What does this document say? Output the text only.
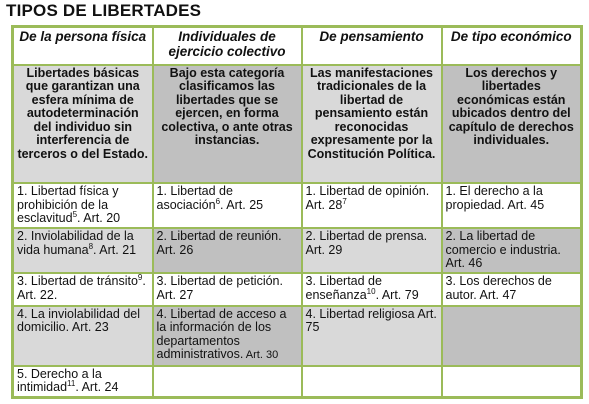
TIPOS DE LIBERTADES
De la persona física	Individuales de ejercicio colectivo	De pensamiento	De tipo económico
Libertades básicas que garantizan una esfera mínima de autodeterminación del individuo sin interferencia de terceros o del Estado.	Bajo esta categoría clasificamos las libertades que se ejercen, en forma colectiva, o ante otras instancias.	Las manifestaciones tradicionales de la libertad de pensamiento están reconocidas expresamente por la Constitución Política.	Los derechos y libertades económicas están ubicados dentro del capítulo de derechos individuales.
1. Libertad física y prohibición de la esclavitud$^5$. Art. 20	1. Libertad de asociación$^6$. Art. 25	1. Libertad de opinión. Art. $28^7$	1. El derecho a la propiedad. Art. 45
2. Inviolabilidad de la vida humana$^8$. Art. 21	2. Libertad de reunión. Art. 26	2. Libertad de prensa. Art. 29	2. La libertad de comercio e industria. Art. 46
3. Libertad de tránsito$^9$. Art. 22.	3. Libertad de petición. Art. 27	3. Libertad de enseñanza$^{10}$. Art. 79	3. Los derechos de autor. Art. 47
4. La inviolabilidad del domicilio. Art. 23	4. Libertad de acceso a la información de los departamentos administrativos. Art. 30	4. Libertad religiosa Art. 75	
5. Derecho a la intimidad$^{11}$. Art. 24			
